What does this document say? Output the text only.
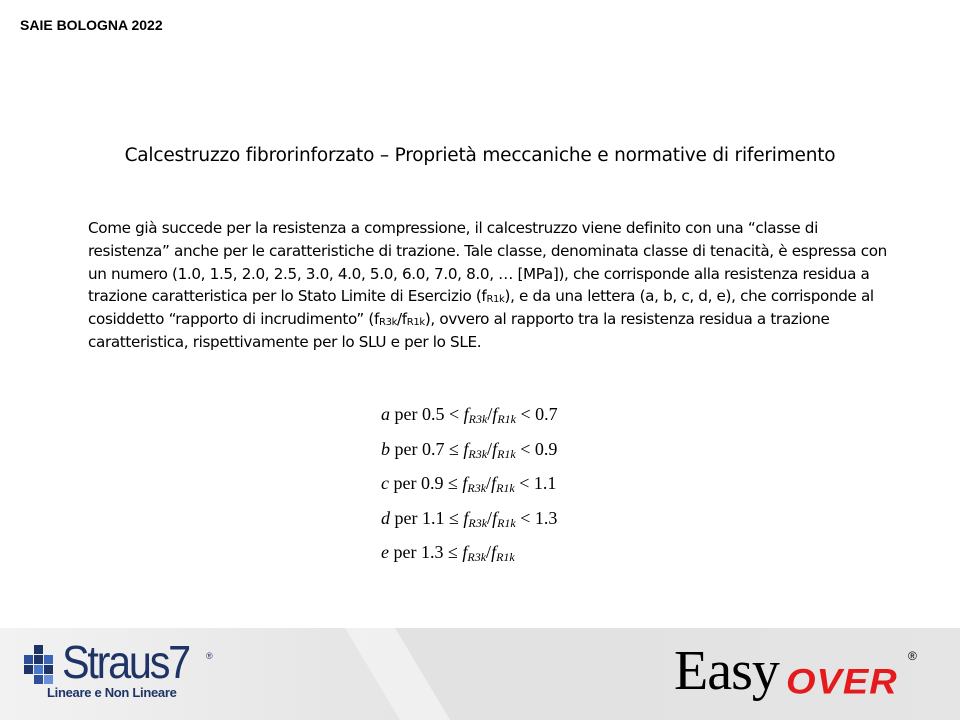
SAIE BOLOGNA 2022
Calcestruzzo fibrorinforzato – Proprietà meccaniche e normative di riferimento
Come già succede per la resistenza a compressione, il calcestruzzo viene definito con una “classe di resistenza” anche per le caratteristiche di trazione. Tale classe, denominata classe di tenacità, è espressa con un numero (1.0, 1.5, 2.0, 2.5, 3.0, 4.0, 5.0, 6.0, 7.0, 8.0, … [MPa]), che corrisponde alla resistenza residua a trazione caratteristica per lo Stato Limite di Esercizio $(f_{R1k})$, e da una lettera (a, b, c, d, e), che corrisponde al cosiddetto “rapporto di incrudimento” $(f_{R3k}/f_{R1k})$, ovvero al rapporto tra la resistenza residua a trazione caratteristica, rispettivamente per lo SLU e per lo SLE.
a per $0.5 < f_{R3k}/f_{R1k} < 0.7$
b per $0.7 \le f_{R3k}/f_{R1k} < 0.9$
c per $0.9 \le f_{R3k}/f_{R1k} < 1.1$
d per $1.1 \le f_{R3k}/f_{R1k} < 1.3$
e per $1.3 \le f_{R3k}/f_{R1k}$
Straus7 ®
Lineare e Non Lineare	Easy OVER
®
